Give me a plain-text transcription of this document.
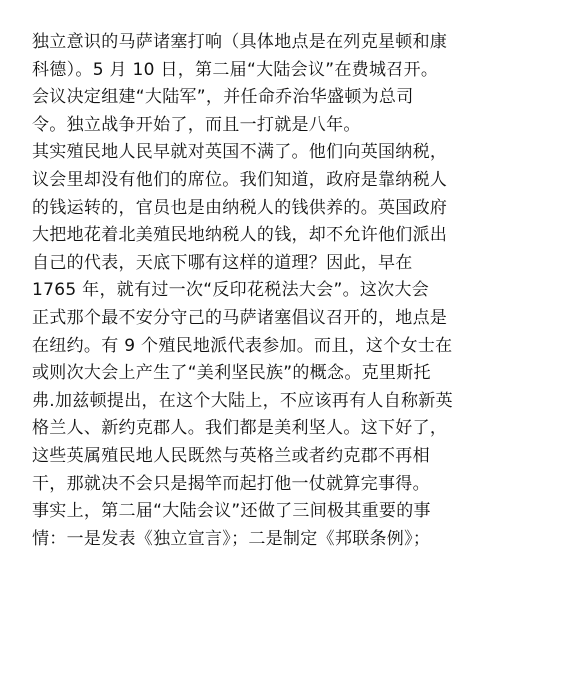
独立意识的马萨诸塞打响（具体地点是在列克星顿和康
科德）。5 月 10 日，第二届“大陆会议”在费城召开。
会议决定组建“大陆军”，并任命乔治华盛顿为总司
令。独立战争开始了，而且一打就是八年。
其实殖民地人民早就对英国不满了。他们向英国纳税，
议会里却没有他们的席位。我们知道，政府是靠纳税人
的钱运转的，官员也是由纳税人的钱供养的。英国政府
大把地花着北美殖民地纳税人的钱，却不允许他们派出
自己的代表，天底下哪有这样的道理？因此，早在
1765 年，就有过一次“反印花税法大会”。这次大会
正式那个最不安分守己的马萨诸塞倡议召开的，地点是
在纽约。有 9 个殖民地派代表参加。而且，这个女士在
或则次大会上产生了“美利坚民族”的概念。克里斯托
弗.加兹顿提出，在这个大陆上，不应该再有人自称新英
格兰人、新约克郡人。我们都是美利坚人。这下好了，
这些英属殖民地人民既然与英格兰或者约克郡不再相
干，那就决不会只是揭竿而起打他一仗就算完事得。
事实上，第二届“大陆会议”还做了三间极其重要的事
情：一是发表《独立宣言》；二是制定《邦联条例》；
